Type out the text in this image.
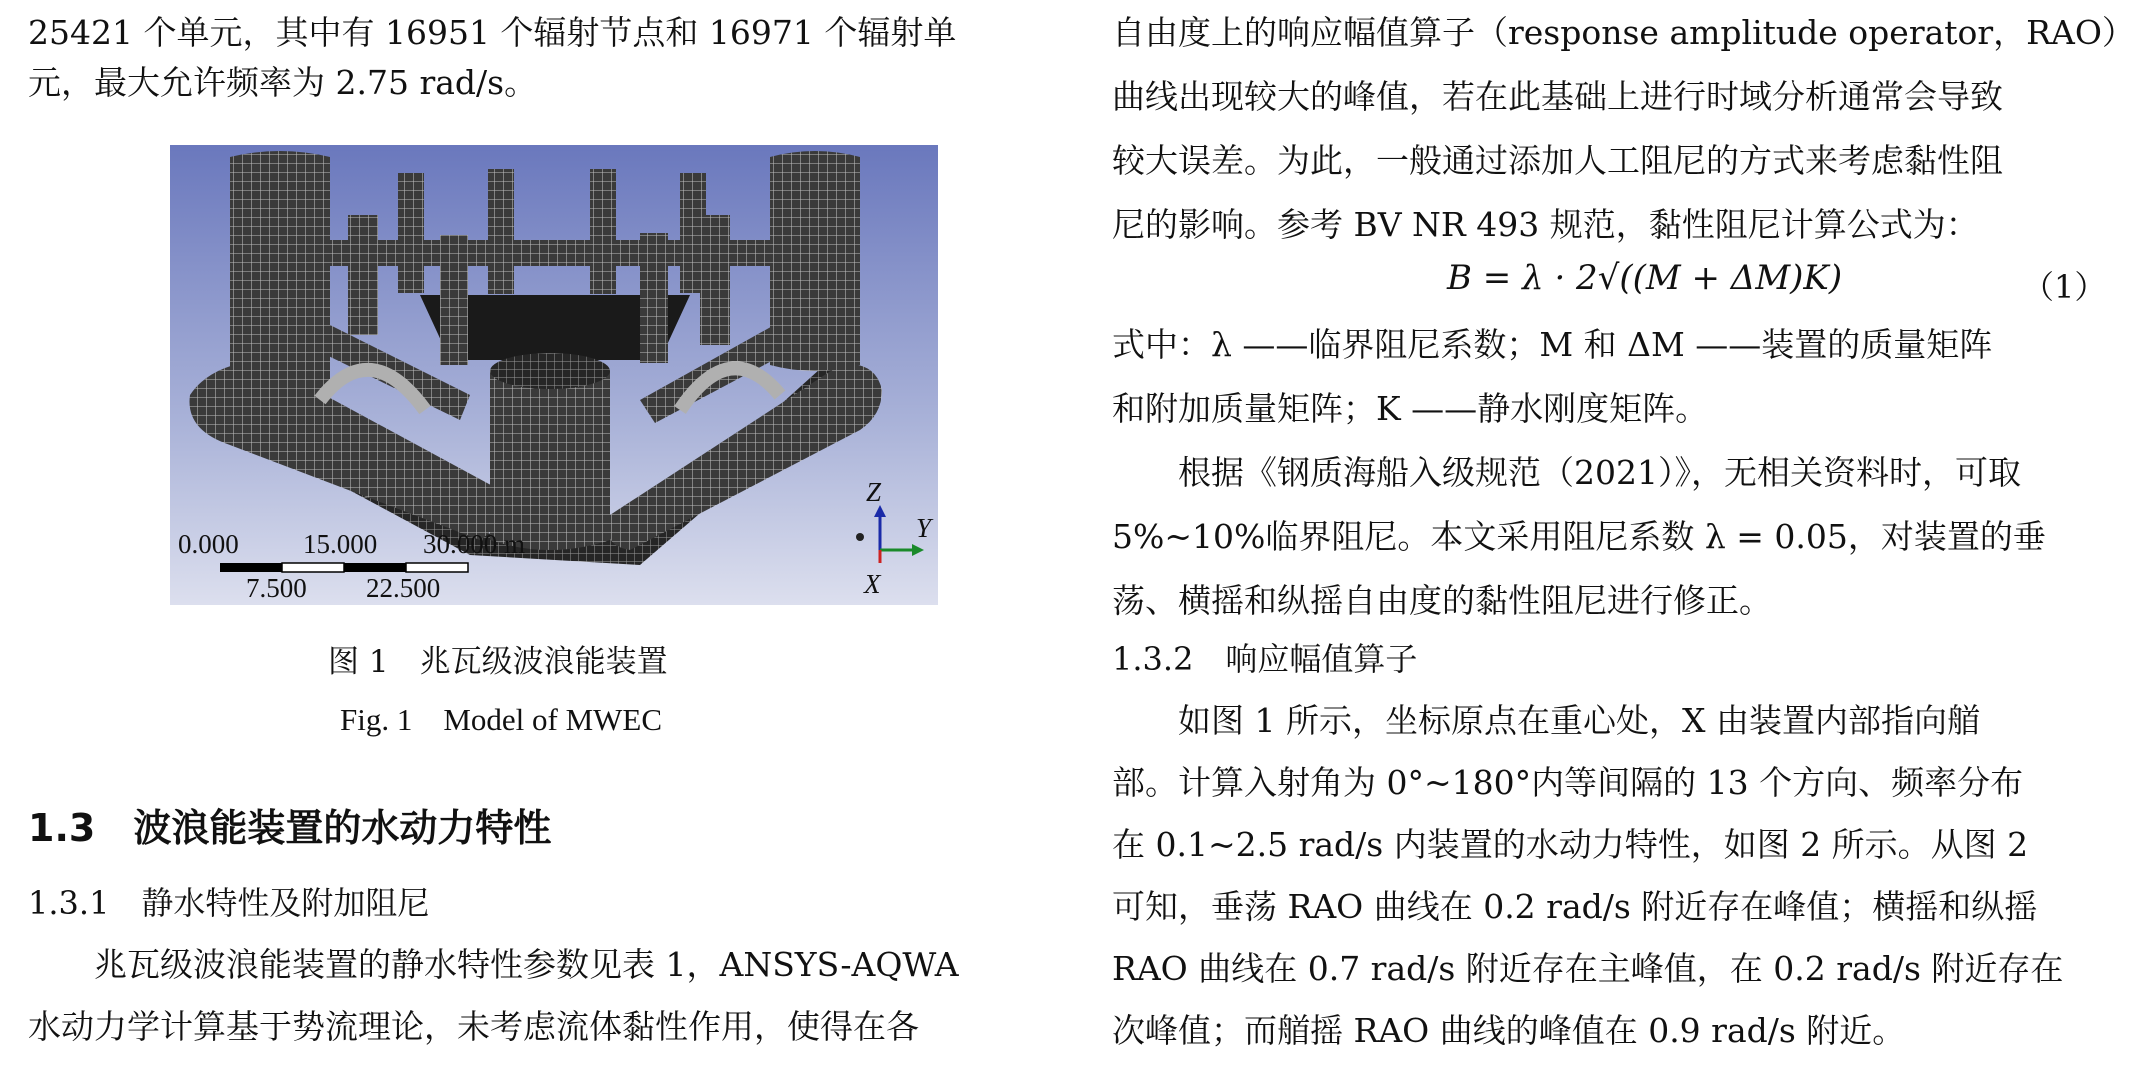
25421 个单元，其中有 16951 个辐射节点和 16971 个辐射单
元，最大允许频率为 2.75 rad/s。
0.000 15.000 30.000 m
7.500 22.500
Z
Y
X
图 1　兆瓦级波浪能装置
Fig. 1　Model of MWEC
1.3　波浪能装置的水动力特性
1.3.1　静水特性及附加阻尼
兆瓦级波浪能装置的静水特性参数见表 1，ANSYS-AQWA
水动力学计算基于势流理论，未考虑流体黏性作用，使得在各
自由度上的响应幅值算子（response amplitude operator，RAO）
曲线出现较大的峰值，若在此基础上进行时域分析通常会导致
较大误差。为此，一般通过添加人工阻尼的方式来考虑黏性阻
尼的影响。参考 BV NR 493 规范，黏性阻尼计算公式为：
B = λ · 2√((M + ΔM)K)	（1）
式中：λ ——临界阻尼系数；M 和 ΔM ——装置的质量矩阵
和附加质量矩阵；K ——静水刚度矩阵。
根据《钢质海船入级规范（2021）》，无相关资料时，可取
5%~10%临界阻尼。本文采用阻尼系数 λ = 0.05，对装置的垂
荡、横摇和纵摇自由度的黏性阻尼进行修正。
1.3.2　响应幅值算子
如图 1 所示，坐标原点在重心处，X 由装置内部指向艏
部。计算入射角为 0°~180°内等间隔的 13 个方向、频率分布
在 0.1~2.5 rad/s 内装置的水动力特性，如图 2 所示。从图 2
可知，垂荡 RAO 曲线在 0.2 rad/s 附近存在峰值；横摇和纵摇
RAO 曲线在 0.7 rad/s 附近存在主峰值，在 0.2 rad/s 附近存在
次峰值；而艏摇 RAO 曲线的峰值在 0.9 rad/s 附近。
